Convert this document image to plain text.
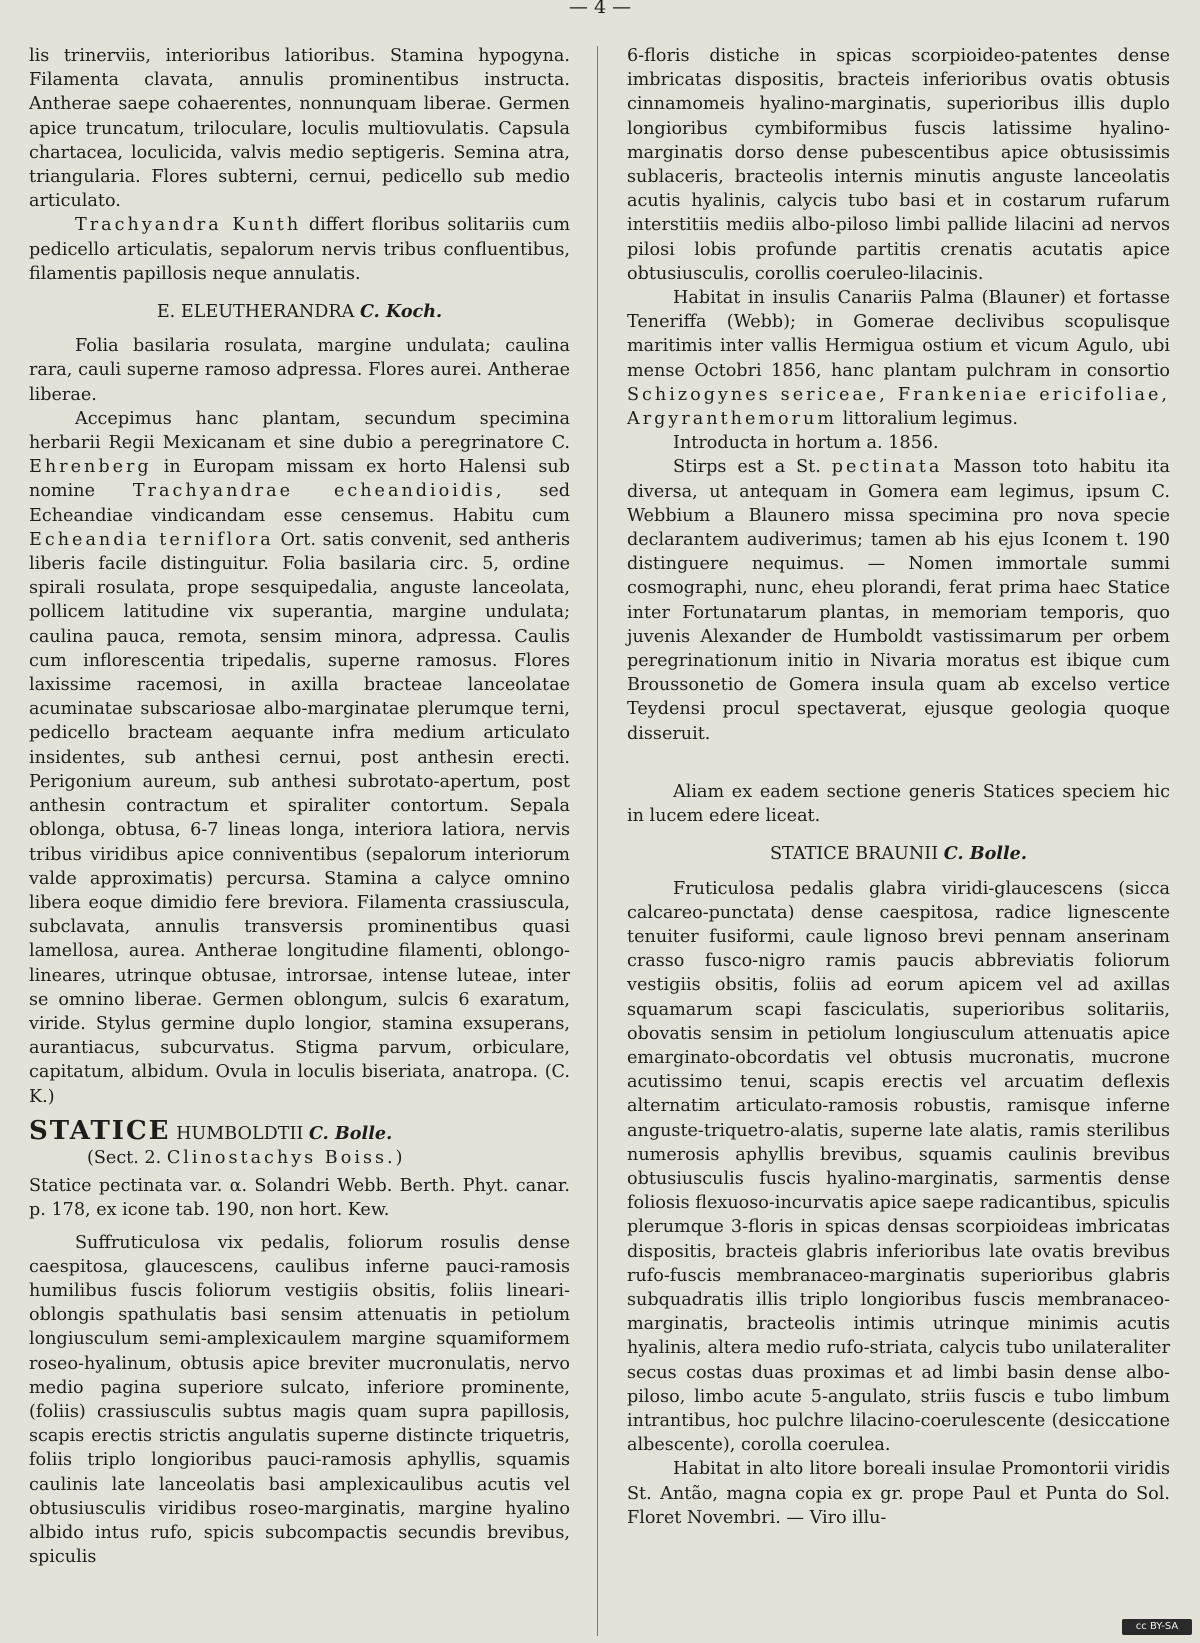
— 4 —

lis trinerviis, interioribus latioribus. Stamina hypogyna. Filamenta clavata, annulis prominentibus instructa. Antherae saepe cohaerentes, nonnunquam liberae. Germen apice truncatum, triloculare, loculis multiovulatis. Capsula chartacea, loculicida, valvis medio septigeris. Semina atra, triangularia. Flores subterni, cernui, pedicello sub medio articulato.

Trachyandra Kunth differt floribus solitariis cum pedicello articulatis, sepalorum nervis tribus confluentibus, filamentis papillosis neque annulatis.

E. ELEUTHERANDRA C. Koch.

Folia basilaria rosulata, margine undulata; caulina rara, cauli superne ramoso adpressa. Flores aurei. Antherae liberae.

Accepimus hanc plantam, secundum specimina herbarii Regii Mexicanam et sine dubio a peregrinatore C. Ehrenberg in Europam missam ex horto Halensi sub nomine Trachyandrae echeandioidis, sed Echeandiae vindicandam esse censemus. Habitu cum Echeandia terniflora Ort. satis convenit, sed antheris liberis facile distinguitur. Folia basilaria circ. 5, ordine spirali rosulata, prope sesquipedalia, anguste lanceolata, pollicem latitudine vix superantia, margine undulata; caulina pauca, remota, sensim minora, adpressa. Caulis cum inflorescentia tripedalis, superne ramosus. Flores laxissime racemosi, in axilla bracteae lanceolatae acuminatae subscariosae albo-marginatae plerumque terni, pedicello bracteam aequante infra medium articulato insidentes, sub anthesi cernui, post anthesin erecti. Perigonium aureum, sub anthesi subrotato-apertum, post anthesin contractum et spiraliter contortum. Sepala oblonga, obtusa, 6-7 lineas longa, interiora latiora, nervis tribus viridibus apice conniventibus (sepalorum interiorum valde approximatis) percursa. Stamina a calyce omnino libera eoque dimidio fere breviora. Filamenta crassiuscula, subclavata, annulis transversis prominentibus quasi lamellosa, aurea. Antherae longitudine filamenti, oblongo-lineares, utrinque obtusae, introrsae, intense luteae, inter se omnino liberae. Germen oblongum, sulcis 6 exaratum, viride. Stylus germine duplo longior, stamina exsuperans, aurantiacus, subcurvatus. Stigma parvum, orbiculare, capitatum, albidum. Ovula in loculis biseriata, anatropa. (C. K.)

STATICE HUMBOLDTII C. Bolle.
(Sect. 2. Clinostachys Boiss.)

Statice pectinata var. α. Solandri Webb. Berth. Phyt. canar. p. 178, ex icone tab. 190, non hort. Kew.

Suffruticulosa vix pedalis, foliorum rosulis dense caespitosa, glaucescens, caulibus inferne pauci-ramosis humilibus fuscis foliorum vestigiis obsitis, foliis lineari-oblongis spathulatis basi sensim attenuatis in petiolum longiusculum semi-amplexicaulem margine squamiformem roseo-hyalinum, obtusis apice breviter mucronulatis, nervo medio pagina superiore sulcato, inferiore prominente, (foliis) crassiusculis subtus magis quam supra papillosis, scapis erectis strictis angulatis superne distincte triquetris, foliis triplo longioribus pauci-ramosis aphyllis, squamis caulinis late lanceolatis basi amplexicaulibus acutis vel obtusiusculis viridibus roseo-marginatis, margine hyalino albido intus rufo, spicis subcompactis secundis brevibus, spiculis

6-floris distiche in spicas scorpioideo-patentes dense imbricatas dispositis, bracteis inferioribus ovatis obtusis cinnamomeis hyalino-marginatis, superioribus illis duplo longioribus cymbiformibus fuscis latissime hyalino-marginatis dorso dense pubescentibus apice obtusissimis sublaceris, bracteolis internis minutis anguste lanceolatis acutis hyalinis, calycis tubo basi et in costarum rufarum interstitiis mediis albo-piloso limbi pallide lilacini ad nervos pilosi lobis profunde partitis crenatis acutatis apice obtusiusculis, corollis coeruleo-lilacinis.

Habitat in insulis Canariis Palma (Blauner) et fortasse Teneriffa (Webb); in Gomerae declivibus scopulisque maritimis inter vallis Hermigua ostium et vicum Agulo, ubi mense Octobri 1856, hanc plantam pulchram in consortio Schizogynes sericeae, Frankeniae ericifoliae, Argyranthemorum littoralium legimus.

Introducta in hortum a. 1856.

Stirps est a St. pectinata Masson toto habitu ita diversa, ut antequam in Gomera eam legimus, ipsum C. Webbium a Blaunero missa specimina pro nova specie declarantem audiverimus; tamen ab his ejus Iconem t. 190 distinguere nequimus. — Nomen immortale summi cosmographi, nunc, eheu plorandi, ferat prima haec Statice inter Fortunatarum plantas, in memoriam temporis, quo juvenis Alexander de Humboldt vastissimarum per orbem peregrinationum initio in Nivaria moratus est ibique cum Broussonetio de Gomera insula quam ab excelso vertice Teydensi procul spectaverat, ejusque geologia quoque disseruit.

Aliam ex eadem sectione generis Statices speciem hic in lucem edere liceat.

STATICE BRAUNII C. Bolle.

Fruticulosa pedalis glabra viridi-glaucescens (sicca calcareo-punctata) dense caespitosa, radice lignescente tenuiter fusiformi, caule lignoso brevi pennam anserinam crasso fusco-nigro ramis paucis abbreviatis foliorum vestigiis obsitis, foliis ad eorum apicem vel ad axillas squamarum scapi fasciculatis, superioribus solitariis, obovatis sensim in petiolum longiusculum attenuatis apice emarginato-obcordatis vel obtusis mucronatis, mucrone acutissimo tenui, scapis erectis vel arcuatim deflexis alternatim articulato-ramosis robustis, ramisque inferne anguste-triquetro-alatis, superne late alatis, ramis sterilibus numerosis aphyllis brevibus, squamis caulinis brevibus obtusiusculis fuscis hyalino-marginatis, sarmentis dense foliosis flexuoso-incurvatis apice saepe radicantibus, spiculis plerumque 3-floris in spicas densas scorpioideas imbricatas dispositis, bracteis glabris inferioribus late ovatis brevibus rufo-fuscis membranaceo-marginatis superioribus glabris subquadratis illis triplo longioribus fuscis membranaceo-marginatis, bracteolis intimis utrinque minimis acutis hyalinis, altera medio rufo-striata, calycis tubo unilateraliter secus costas duas proximas et ad limbi basin dense albo-piloso, limbo acute 5-angulato, striis fuscis e tubo limbum intrantibus, hoc pulchre lilacino-coerulescente (desiccatione albescente), corolla coerulea.

Habitat in alto litore boreali insulae Promontorii viridis St. Antão, magna copia ex gr. prope Paul et Punta do Sol. Floret Novembri. — Viro illu-

cc BY-SA
